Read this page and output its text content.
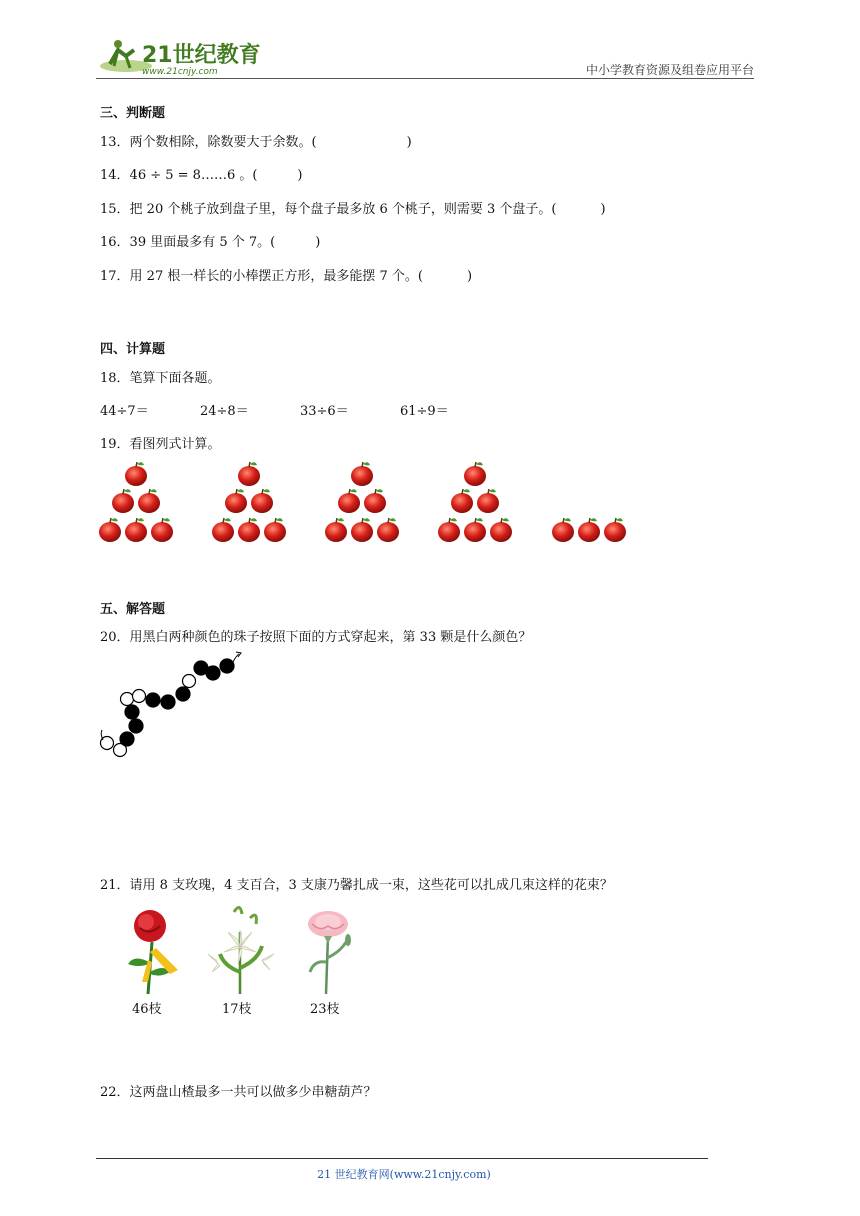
21世纪教育
www.21cnjy.com	中小学教育资源及组卷应用平台
三、判断题
13．两个数相除，除数要大于余数。(	)
14．46 ÷ 5 = 8……6 。(	)
15．把 20 个桃子放到盘子里，每个盘子最多放 6 个桃子，则需要 3 个盘子。(	)
16．39 里面最多有 5 个 7。(	)
17．用 27 根一样长的小棒摆正方形，最多能摆 7 个。(	)
四、计算题
18．笔算下面各题。
44÷7＝	24÷8＝	33÷6＝	61÷9＝
19．看图列式计算。
五、解答题
20．用黑白两种颜色的珠子按照下面的方式穿起来，第 33 颗是什么颜色？
21．请用 8 支玫瑰，4 支百合，3 支康乃馨扎成一束，这些花可以扎成几束这样的花束？
46枝	17枝	23枝
22．这两盘山楂最多一共可以做多少串糖葫芦？
21 世纪教育网(www.21cnjy.com)
